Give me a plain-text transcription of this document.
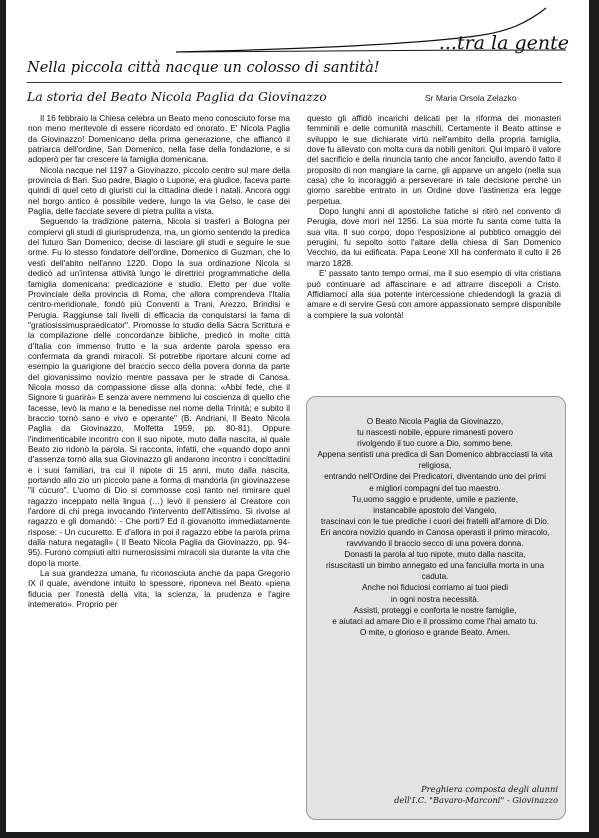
...tra la gente
Nella piccola città nacque un colosso di santità!
La storia del Beato Nicola Paglia da Giovinazzo	Sr Maria Orsola Zelazko

Il 16 febbraio la Chiesa celebra un Beato meno conosciuto forse ma non meno meritevole di essere ricordato ed onorato. E' Nicola Paglia da Giovinazzo! Domenicano della prima generazione, che affiancò il patriarca dell'ordine, San Domenico, nella fase della fondazione, e si adoperò per far crescere la famiglia domenicana.

Nicola nacque nel 1197 a Giovinazzo, piccolo centro sul mare della provincia di Bari. Suo padre, Biagio o Lupone, era giudice, faceva parte quindi di quel ceto di giuristi cui la cittadina diede i natali. Ancora oggi nel borgo antico è possibile vedere, lungo la via Gelso, le case dei Paglia, delle facciate severe di pietra pulita a vista.

Seguendo la tradizione paterna, Nicola si trasferì a Bologna per compiervi gli studi di giurisprudenza, ma, un giorno sentendo la predica del futuro San Domenico, decise di lasciare gli studi e seguire le sue orme. Fu lo stesso fondatore dell'ordine, Domenico di Guzman, che lo vestì dell'abito nell'anno 1220. Dopo la sua ordinazione Nicola si dedicò ad un'intensa attività lungo le direttrici programmatiche della famiglia domenicana: predicazione e studio. Eletto per due volte Provinciale della provincia di Roma, che allora comprendeva l'Italia centro-meridionale, fondò più Conventi a Trani, Arezzo, Brindisi e Perugia. Raggiunse tali livelli di efficacia da conquistarsi la fama di "gratiosissimuspraedicator". Promosse lo studio della Sacra Scrittura e la compilazione delle concordanze bibliche, predicò in molte città d'Italia con immenso frutto e la sua ardente parola spesso era confermata da grandi miracoli. Si potrebbe riportare alcuni come ad esempio la guarigione del braccio secco della povera donna da parte del giovanissimo novizio mentre passava per le strade di Canosa. Nicola mosso da compassione disse alla donna: «Abbi fede, che il Signore ti guarirà» E senza avere nemmeno lui coscienza di quello che facesse, levò la mano e la benedisse nel nome della Trinità; e subito il braccio tornò sano e vivo e operante" (B. Andriani, Il Beato Nicola Paglia da Giovinazzo, Molfetta 1959, pp. 80-81). Oppure l'indimenticabile incontro con il suo nipote, muto dalla nascita, al quale Beato zio ridonò la parola. Si racconta, infatti, che «quando dopo anni d'assenza tornò alla sua Giovinazzo gli andarono incontro i concittadini e i suoi familiari, tra cui il nipote di 15 anni, muto dalla nascita, portando allo zio un piccolo pane a forma di mandorla (in giovinazzese "il cùcuro". L'uomo di Dio si commosse così tanto nel rimirare quel ragazzo inceppato nella lingua (…) levò il pensiero al Creatore con l'ardore di chi prega invocando l'intervento dell'Altissimo. Si rivolse al ragazzo e gli domandò: - Che porti? Ed il giovanotto immediatamente rispose: - Un cucuretto. E d'allora in poi il ragazzo ebbe la parola prima dalla natura negatagli» ( Il Beato Nicola Paglia da Giovinazzo, pp. 94-95). Furono compiuti altri numerosissimi miracoli sia durante la vita che dopo la morte.

La sua grandezza umana, fu riconosciuta anche da papa Gregorio IX il quale, avendone intuito lo spessore, riponeva nel Beato «piena fiducia per l'onestà della vita, la scienza, la prudenza e l'agire intemerato». Proprio per

questo gli affidò incarichi delicati per la riforma dei monasteri femminili e delle comunità maschili. Certamente il Beato attinse e sviluppo le sue dichiarate virtù nell'ambito della propria famiglia, dove fu allevato con molta cura da nobili genitori. Qui imparò il valore del sacrificio e della rinuncia tanto che ancor fanciullo, avendo fatto il proposito di non mangiare la carne, gli apparve un angelo (nella sua casa) che lo incoraggiò a perseverare in tale decisione perché un giorno sarebbe entrato in un Ordine dove l'astinenza era legge perpetua.

Dopo lunghi anni di apostoliche fatiche si ritirò nel convento di Perugia, dove morì nel 1256. La sua morte fu santa come tutta la sua vita. Il suo corpo, dopo l'esposizione al pubblico omaggio dei perugini, fu sepolto sotto l'altare della chiesa di San Domenico Vecchio, da lui edificata. Papa Leone XII ha confermato il culto il 26 marzo 1828.

E' passato tanto tempo ormai, ma il suo esempio di vita cristiana può continuare ad affascinare e ad attrarre discepoli a Cristo. Affidiamoci alla sua potente intercessione chiedendogli la grazia di amare e di servire Gesù con amore appassionato sempre disponibile a compiere la sua volontà!

O Beato Nicola Paglia da Giovinazzo,
tu nascesti nobile, eppure rimanesti povero
rivolgendo il tuo cuore a Dio, sommo bene.
Appena sentisti una predica di San Domenico abbracciasti la vita religiosa,
entrando nell'Ordine dei Predicatori, diventando uno dei primi
e migliori compagni del tuo maestro.
Tu,uomo saggio e prudente, umile e paziente,
instancabile apostolo del Vangelo,
trascinavi con le tue prediche i cuori dei fratelli all'amore di Dio.
Eri ancora novizio quando in Canosa operasti il primo miracolo,
ravvivando il braccio secco di una povera donna.
Donasti la parola al tuo nipote, muto dalla nascita,
risuscitasti un bimbo annegato ed una fanciulla morta in una caduta.
Anche noi fiduciosi corriamo ai tuoi piedi
in ogni nostra necessità.
Assisti, proteggi e conforta le nostre famiglie,
e aiutaci ad amare Dio e il prossimo come l'hai amato tu.
O mite, o glorioso e grande Beato. Amen.
Preghiera composta degli alunni
dell'I.C. "Bavaro-Marconi" - Giovinazzo
